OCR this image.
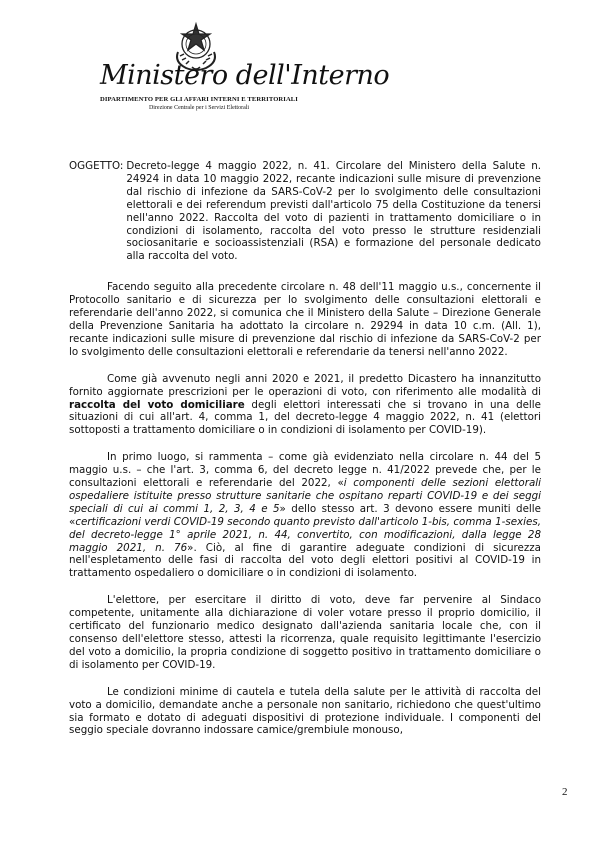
Ministero dell'Interno
DIPARTIMENTO PER GLI AFFARI INTERNI E TERRITORIALI
Direzione Centrale per i Servizi Elettorali
OGGETTO: Decreto-legge 4 maggio 2022, n. 41. Circolare del Ministero della Salute n. 24924 in data 10 maggio 2022, recante indicazioni sulle misure di prevenzione dal rischio di infezione da SARS-CoV-2 per lo svolgimento delle consultazioni elettorali e dei referendum previsti dall'articolo 75 della Costituzione da tenersi nell'anno 2022. Raccolta del voto di pazienti in trattamento domiciliare o in condizioni di isolamento, raccolta del voto presso le strutture residenziali sociosanitarie e socioassistenziali (RSA) e formazione del personale dedicato alla raccolta del voto.

Facendo seguito alla precedente circolare n. 48 dell'11 maggio u.s., concernente il Protocollo sanitario e di sicurezza per lo svolgimento delle consultazioni elettorali e referendarie dell'anno 2022, si comunica che il Ministero della Salute – Direzione Generale della Prevenzione Sanitaria ha adottato la circolare n. 29294 in data 10 c.m. (All. 1), recante indicazioni sulle misure di prevenzione dal rischio di infezione da SARS-CoV-2 per lo svolgimento delle consultazioni elettorali e referendarie da tenersi nell'anno 2022.

Come già avvenuto negli anni 2020 e 2021, il predetto Dicastero ha innanzitutto fornito aggiornate prescrizioni per le operazioni di voto, con riferimento alle modalità di raccolta del voto domiciliare degli elettori interessati che si trovano in una delle situazioni di cui all'art. 4, comma 1, del decreto-legge 4 maggio 2022, n. 41 (elettori sottoposti a trattamento domiciliare o in condizioni di isolamento per COVID-19).

In primo luogo, si rammenta – come già evidenziato nella circolare n. 44 del 5 maggio u.s. – che l'art. 3, comma 6, del decreto legge n. 41/2022 prevede che, per le consultazioni elettorali e referendarie del 2022, «i componenti delle sezioni elettorali ospedaliere istituite presso strutture sanitarie che ospitano reparti COVID-19 e dei seggi speciali di cui ai commi 1, 2, 3, 4 e 5» dello stesso art. 3 devono essere muniti delle «certificazioni verdi COVID-19 secondo quanto previsto dall'articolo 1-bis, comma 1-sexies, del decreto-legge 1° aprile 2021, n. 44, convertito, con modificazioni, dalla legge 28 maggio 2021, n. 76». Ciò, al fine di garantire adeguate condizioni di sicurezza nell'espletamento delle fasi di raccolta del voto degli elettori positivi al COVID-19 in trattamento ospedaliero o domiciliare o in condizioni di isolamento.

L'elettore, per esercitare il diritto di voto, deve far pervenire al Sindaco competente, unitamente alla dichiarazione di voler votare presso il proprio domicilio, il certificato del funzionario medico designato dall'azienda sanitaria locale che, con il consenso dell'elettore stesso, attesti la ricorrenza, quale requisito legittimante l'esercizio del voto a domicilio, la propria condizione di soggetto positivo in trattamento domiciliare o di isolamento per COVID-19.

Le condizioni minime di cautela e tutela della salute per le attività di raccolta del voto a domicilio, demandate anche a personale non sanitario, richiedono che quest'ultimo sia formato e dotato di adeguati dispositivi di protezione individuale. I componenti del seggio speciale dovranno indossare camice/grembiule monouso,

2
